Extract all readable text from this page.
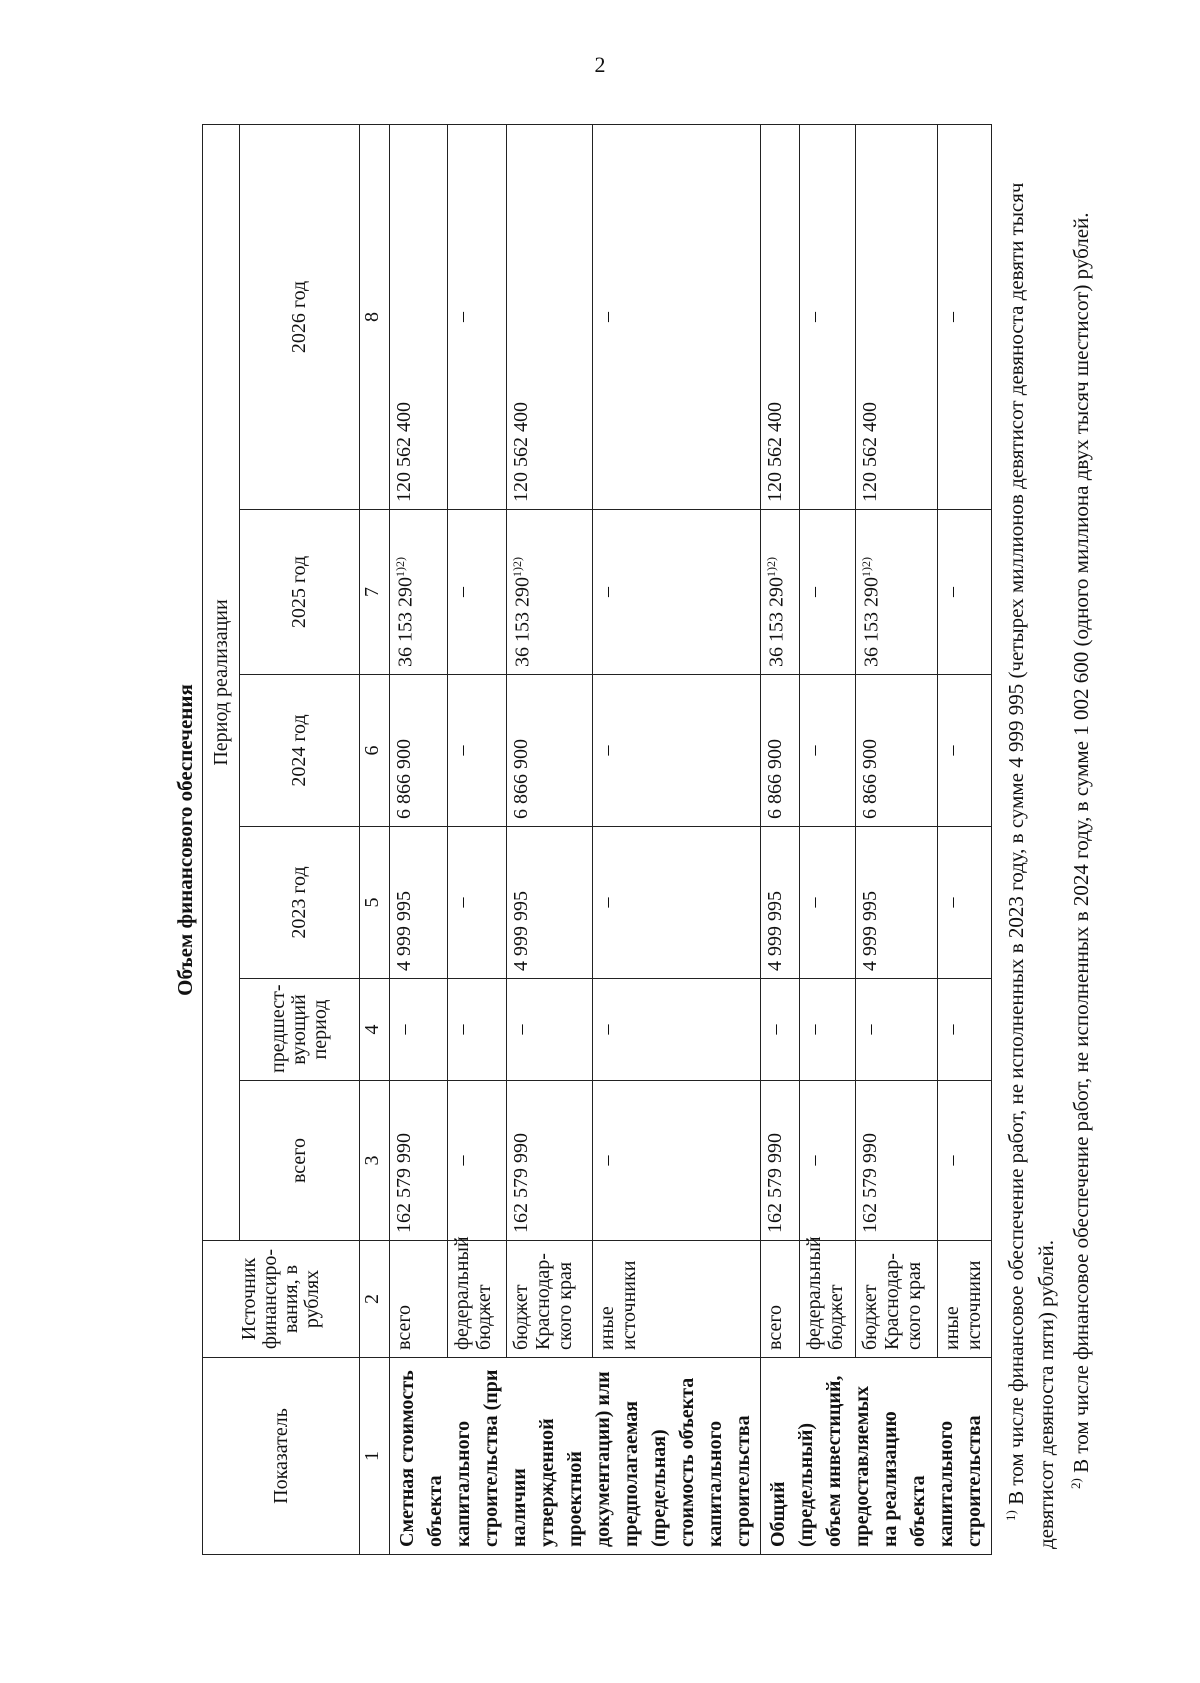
2
Объем финансового обеспечения
Показатель	Источник финансиро-вания, в рублях	Период реализации					
		всего	предшест-вующий период	2023 год	2024 год	2025 год	2026 год
1	2	3	4	5	6	7	8
Сметная стоимость объекта капитального строительства (при наличии утвержденной проектной документации) или предполагаемая (предельная) стоимость объекта капитального строительства	всего	162 579 990	–	4 999 995	6 866 900	36 153 $290^{1)2)}$	120 562 400
	федеральный бюджет	–	–	–	–	–	–
	бюджет Краснодар-ского края	162 579 990	–	4 999 995	6 866 900	36 153 $290^{1)2)}$	120 562 400
	иные источники	–	–	–	–	–	–
Общий (предельный) объем инвестиций, предоставляемых на реализацию объекта капитального строительства	всего	162 579 990	–	4 999 995	6 866 900	36 153 $290^{1)2)}$	120 562 400
	федеральный бюджет	–	–	–	–	–	–
	бюджет Краснодар-ского края	162 579 990	–	4 999 995	6 866 900	36 153 $290^{1)2)}$	120 562 400
	иные источники	–	–	–	–	–	–

$^{1)}$ В том числе финансовое обеспечение работ, не исполненных в 2023 году, в сумме 4 999 995 (четырех миллионов девятисот девяноста девяти тысяч девятисот девяноста пяти) рублей. $^{2)}$ В том числе финансовое обеспечение работ, не исполненных в 2024 году, в сумме 1 002 600 (одного миллиона двух тысяч шестисот) рублей.
